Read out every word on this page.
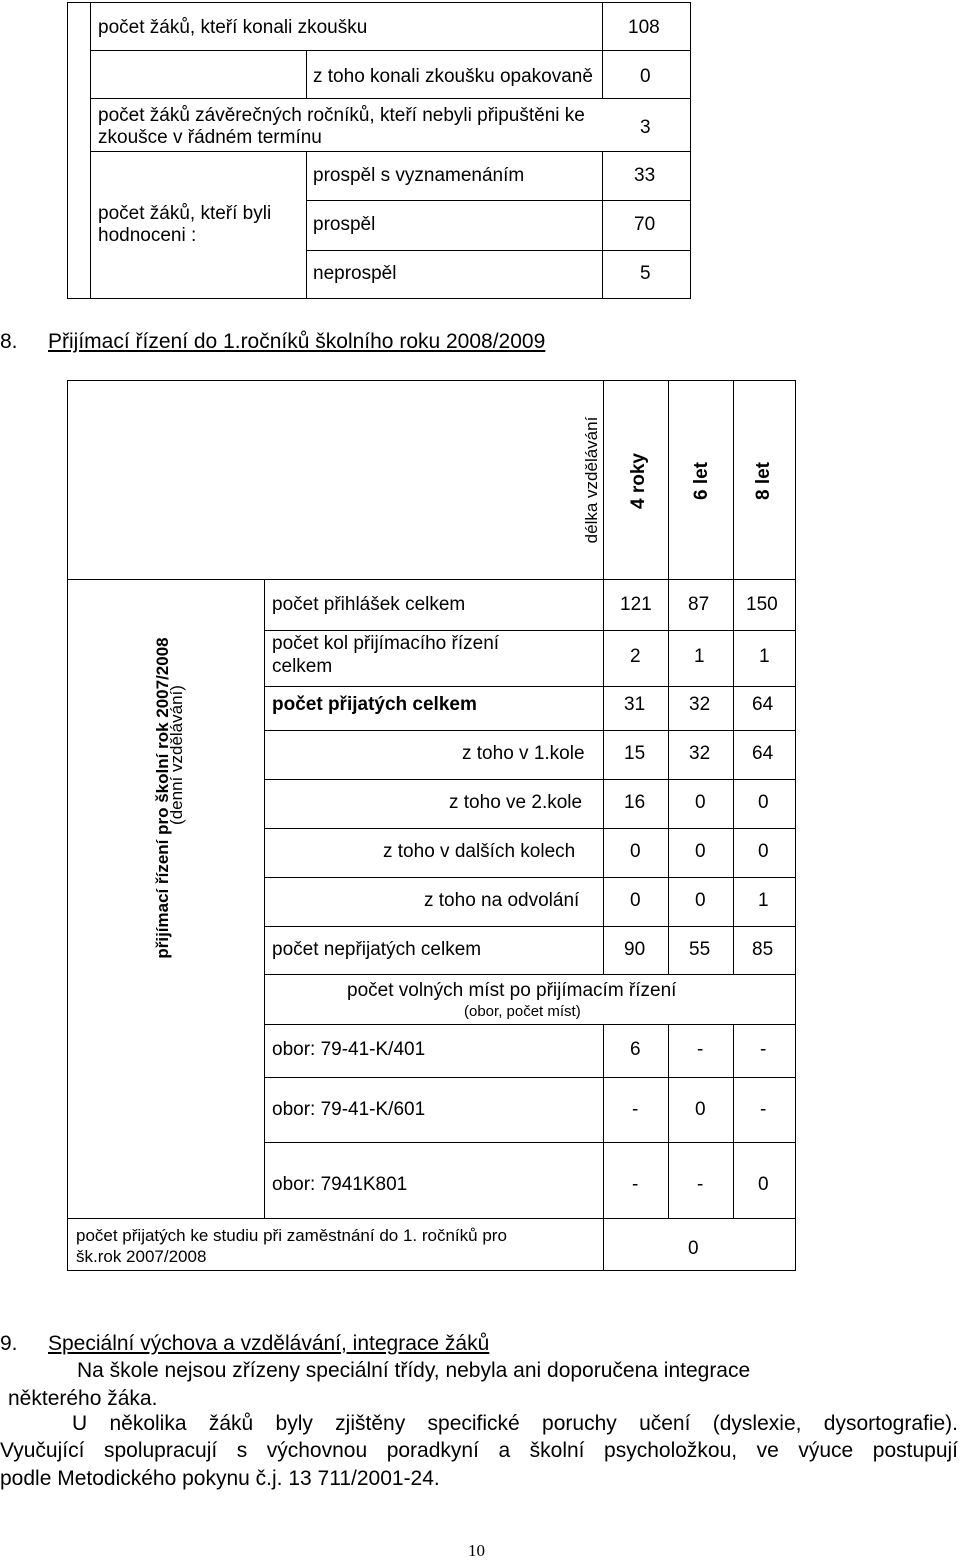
počet žáků, kteří konali zkoušku	108
z toho konali zkoušku opakovaně 0
počet žáků závěrečných ročníků, kteří nebyli připuštěni ke
zkoušce v řádném termínu	3
počet žáků, kteří byli
hodnoceni :
prospěl s vyznamenáním	33
prospěl	70
neprospěl	5
8. Přijímací řízení do 1.ročníků školního roku 2008/2009
délka vzdělávání 4 roky 6 let 8 let
přijímací řízení pro školní rok 2007/2008
(denní vzdělávání)
počet přihlášek celkem	121 87 150
počet kol přijímacího řízení
celkem	2	1	1
počet přijatých celkem	31 32 64
z toho v 1.kole 15 32 64
z toho ve 2.kole 16	0	0
z toho v dalších kolech	0	0	0
z toho na odvolání	0	0	1
počet nepřijatých celkem	90 55 85
počet volných míst po přijímacím řízení
(obor, počet míst)
obor: 79-41-K/401	6	-	-
obor: 79-41-K/601	-	0	-
obor: 7941K801	-	-	0
počet přijatých ke studiu při zaměstnání do 1. ročníků pro
šk.rok 2007/2008	0
9. Speciální výchova a vzdělávání, integrace žáků
Na škole nejsou zřízeny speciální třídy, nebyla ani doporučena integrace
některého žáka.
U několika žáků byly zjištěny specifické poruchy učení (dyslexie, dysortografie).
Vyučující spolupracují s výchovnou poradkyní a školní psycholožkou, ve výuce postupují
podle Metodického pokynu č.j. 13 711/2001-24.
10
